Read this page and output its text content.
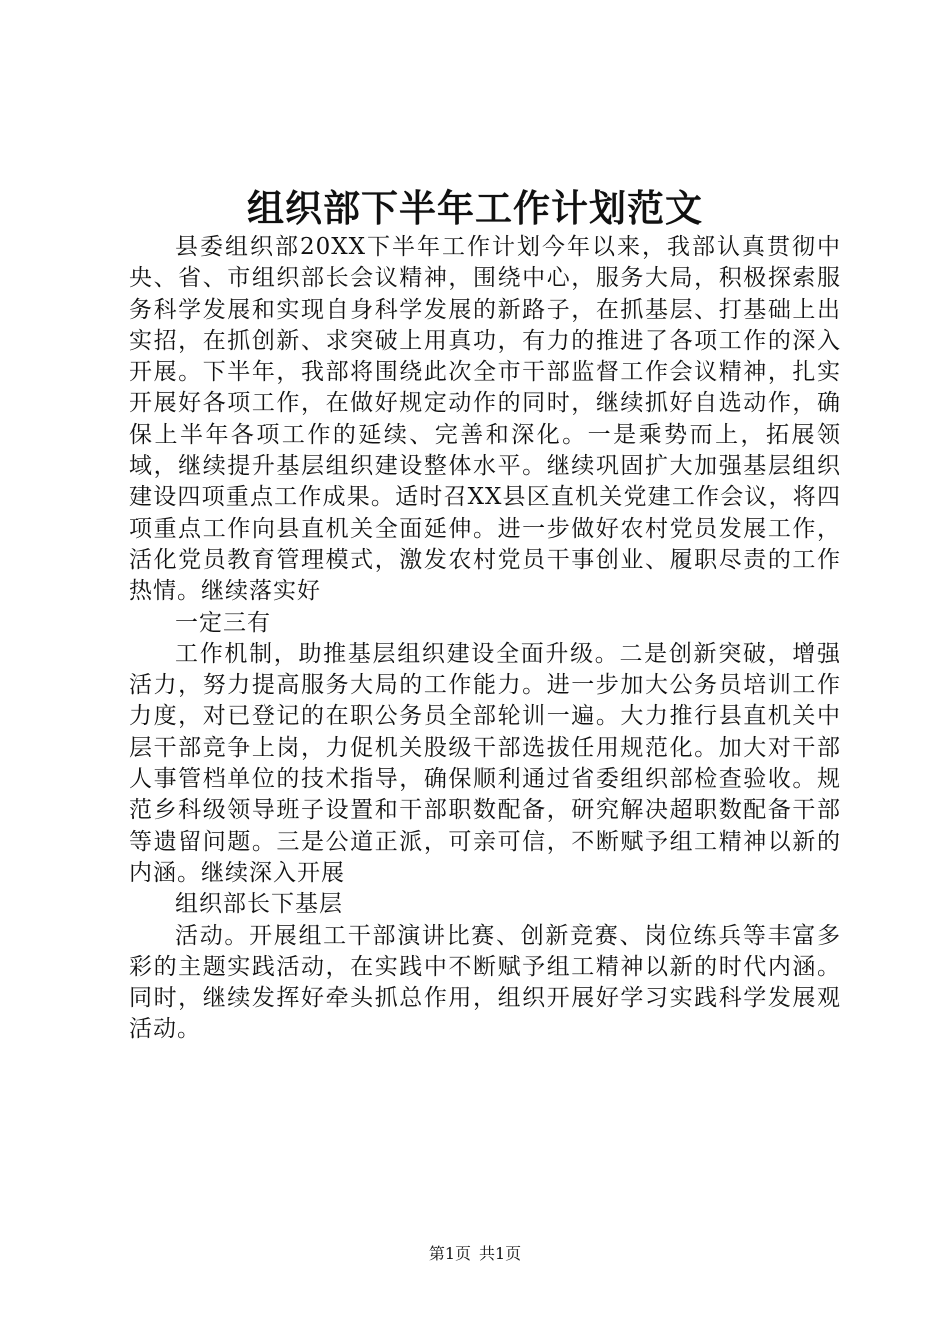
组织部下半年工作计划范文

县委组织部20XX下半年工作计划今年以来，我部认真贯彻中央、省、市组织部长会议精神，围绕中心，服务大局，积极探索服务科学发展和实现自身科学发展的新路子，在抓基层、打基础上出实招，在抓创新、求突破上用真功，有力的推进了各项工作的深入开展。下半年，我部将围绕此次全市干部监督工作会议精神，扎实开展好各项工作，在做好规定动作的同时，继续抓好自选动作，确保上半年各项工作的延续、完善和深化。一是乘势而上，拓展领域，继续提升基层组织建设整体水平。继续巩固扩大加强基层组织建设四项重点工作成果。适时召XX县区直机关党建工作会议，将四项重点工作向县直机关全面延伸。进一步做好农村党员发展工作，活化党员教育管理模式，激发农村党员干事创业、履职尽责的工作热情。继续落实好

一定三有

工作机制，助推基层组织建设全面升级。二是创新突破，增强活力，努力提高服务大局的工作能力。进一步加大公务员培训工作力度，对已登记的在职公务员全部轮训一遍。大力推行县直机关中层干部竞争上岗，力促机关股级干部选拔任用规范化。加大对干部人事管档单位的技术指导，确保顺利通过省委组织部检查验收。规范乡科级领导班子设置和干部职数配备，研究解决超职数配备干部等遗留问题。三是公道正派，可亲可信，不断赋予组工精神以新的内涵。继续深入开展

组织部长下基层

活动。开展组工干部演讲比赛、创新竞赛、岗位练兵等丰富多彩的主题实践活动，在实践中不断赋予组工精神以新的时代内涵。同时，继续发挥好牵头抓总作用，组织开展好学习实践科学发展观活动。

第1页 共1页
